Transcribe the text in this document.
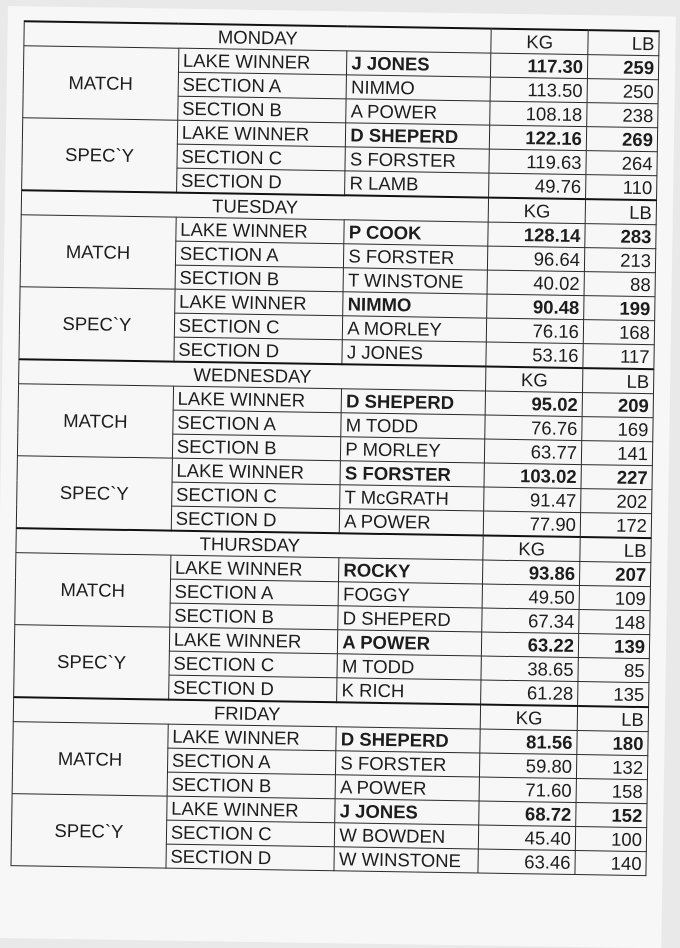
MONDAY			KG	LB
MATCH	LAKE WINNER	J JONES	117.30	259
	SECTION A	NIMMO	113.50	250
	SECTION B	A POWER	108.18	238
SPEC`Y	LAKE WINNER	D SHEPERD	122.16	269
	SECTION C	S FORSTER	119.63	264
	SECTION D	R LAMB	49.76	110
TUESDAY			KG	LB
MATCH	LAKE WINNER	P COOK	128.14	283
	SECTION A	S FORSTER	96.64	213
	SECTION B	T WINSTONE	40.02	88
SPEC`Y	LAKE WINNER	NIMMO	90.48	199
	SECTION C	A MORLEY	76.16	168
	SECTION D	J JONES	53.16	117
WEDNESDAY			KG	LB
MATCH	LAKE WINNER	D SHEPERD	95.02	209
	SECTION A	M TODD	76.76	169
	SECTION B	P MORLEY	63.77	141
SPEC`Y	LAKE WINNER	S FORSTER	103.02	227
	SECTION C	T McGRATH	91.47	202
	SECTION D	A POWER	77.90	172
THURSDAY			KG	LB
MATCH	LAKE WINNER	ROCKY	93.86	207
	SECTION A	FOGGY	49.50	109
	SECTION B	D SHEPERD	67.34	148
SPEC`Y	LAKE WINNER	A POWER	63.22	139
	SECTION C	M TODD	38.65	85
	SECTION D	K RICH	61.28	135
FRIDAY			KG	LB
MATCH	LAKE WINNER	D SHEPERD	81.56	180
	SECTION A	S FORSTER	59.80	132
	SECTION B	A POWER	71.60	158
SPEC`Y	LAKE WINNER	J JONES	68.72	152
	SECTION C	W BOWDEN	45.40	100
	SECTION D	W WINSTONE	63.46	140
